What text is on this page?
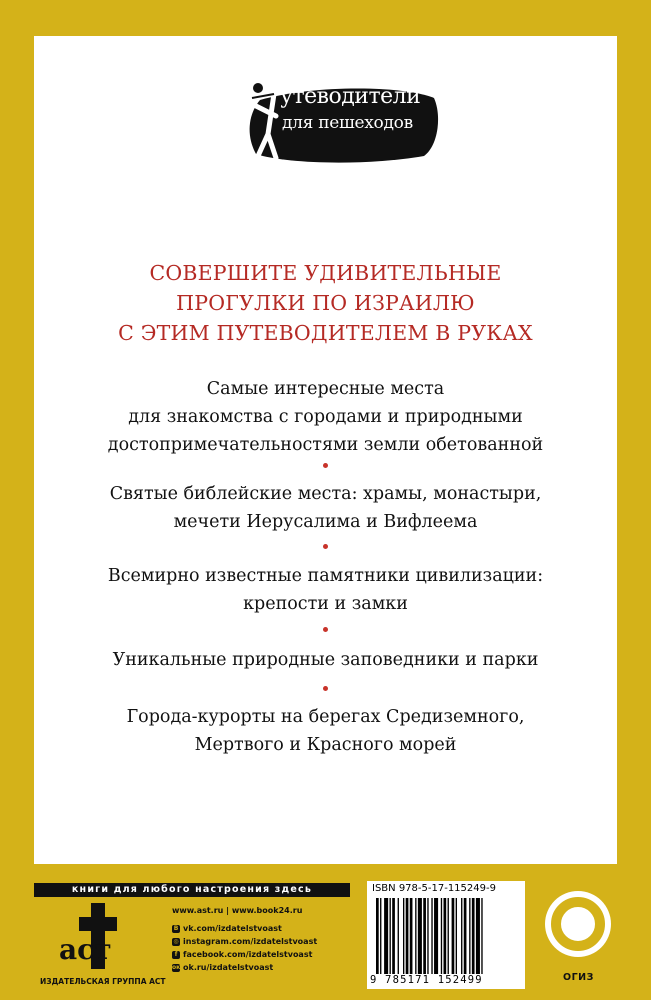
утеводители
для пешеходов
СОВЕРШИТЕ УДИВИТЕЛЬНЫЕ
ПРОГУЛКИ ПО ИЗРАИЛЮ
С ЭТИМ ПУТЕВОДИТЕЛЕМ В РУКАХ
Самые интересные места
для знакомства с городами и природными
достопримечательностями земли обетованной
Святые библейские места: храмы, монастыри,
мечети Иерусалима и Вифлеема
Всемирно известные памятники цивилизации:
крепости и замки
Уникальные природные заповедники и парки
Города-курорты на берегах Средиземного,
Мертвого и Красного морей
книги для любого настроения здесь
аст
ИЗДАТЕЛЬСКАЯ ГРУППА АСТ
www.ast.ru | www.book24.ru
В vk.com/izdatelstvoast
◎ instagram.com/izdatelstvoast
f facebook.com/izdatelstvoast
ок ok.ru/izdatelstvoast
ISBN 978-5-17-115249-9
9 785171 152499	ОГИЗ
